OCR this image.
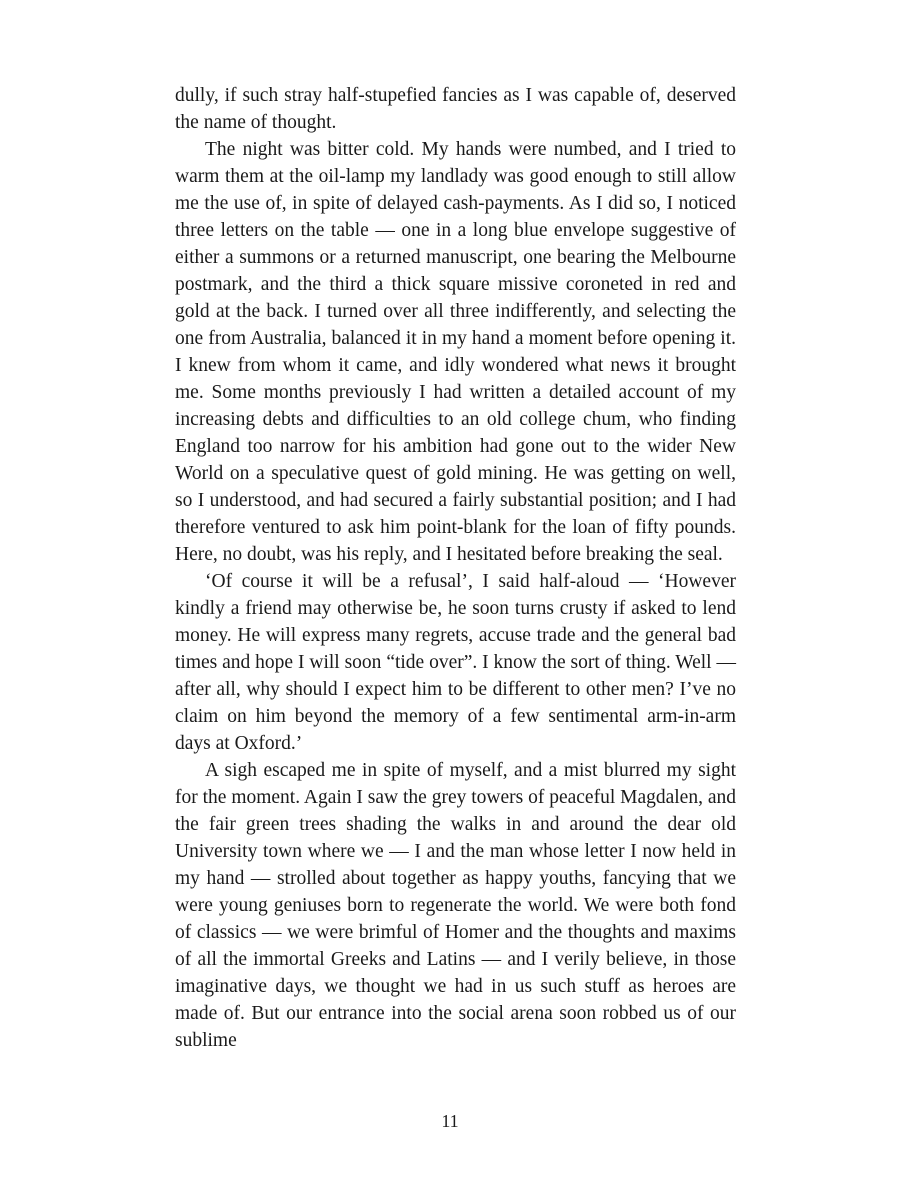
dully, if such stray half-stupefied fancies as I was capable of, deserved the name of thought.

The night was bitter cold. My hands were numbed, and I tried to warm them at the oil-lamp my landlady was good enough to still allow me the use of, in spite of delayed cash-payments. As I did so, I noticed three letters on the table — one in a long blue envelope suggestive of either a summons or a returned manuscript, one bearing the Melbourne postmark, and the third a thick square missive coroneted in red and gold at the back. I turned over all three indifferently, and selecting the one from Australia, balanced it in my hand a moment before opening it. I knew from whom it came, and idly wondered what news it brought me. Some months previously I had written a detailed account of my increasing debts and difficulties to an old college chum, who finding England too narrow for his ambition had gone out to the wider New World on a speculative quest of gold mining. He was getting on well, so I understood, and had secured a fairly substantial position; and I had therefore ventured to ask him point-blank for the loan of fifty pounds. Here, no doubt, was his reply, and I hesitated before breaking the seal.

‘Of course it will be a refusal’, I said half-aloud — ‘However kindly a friend may otherwise be, he soon turns crusty if asked to lend money. He will express many regrets, accuse trade and the general bad times and hope I will soon “tide over”. I know the sort of thing. Well — after all, why should I expect him to be different to other men? I’ve no claim on him beyond the memory of a few sentimental arm-in-arm days at Oxford.’

A sigh escaped me in spite of myself, and a mist blurred my sight for the moment. Again I saw the grey towers of peaceful Magdalen, and the fair green trees shading the walks in and around the dear old University town where we — I and the man whose letter I now held in my hand — strolled about together as happy youths, fancying that we were young geniuses born to regenerate the world. We were both fond of classics — we were brimful of Homer and the thoughts and maxims of all the immortal Greeks and Latins — and I verily believe, in those imaginative days, we thought we had in us such stuff as heroes are made of. But our entrance into the social arena soon robbed us of our sublime

11
